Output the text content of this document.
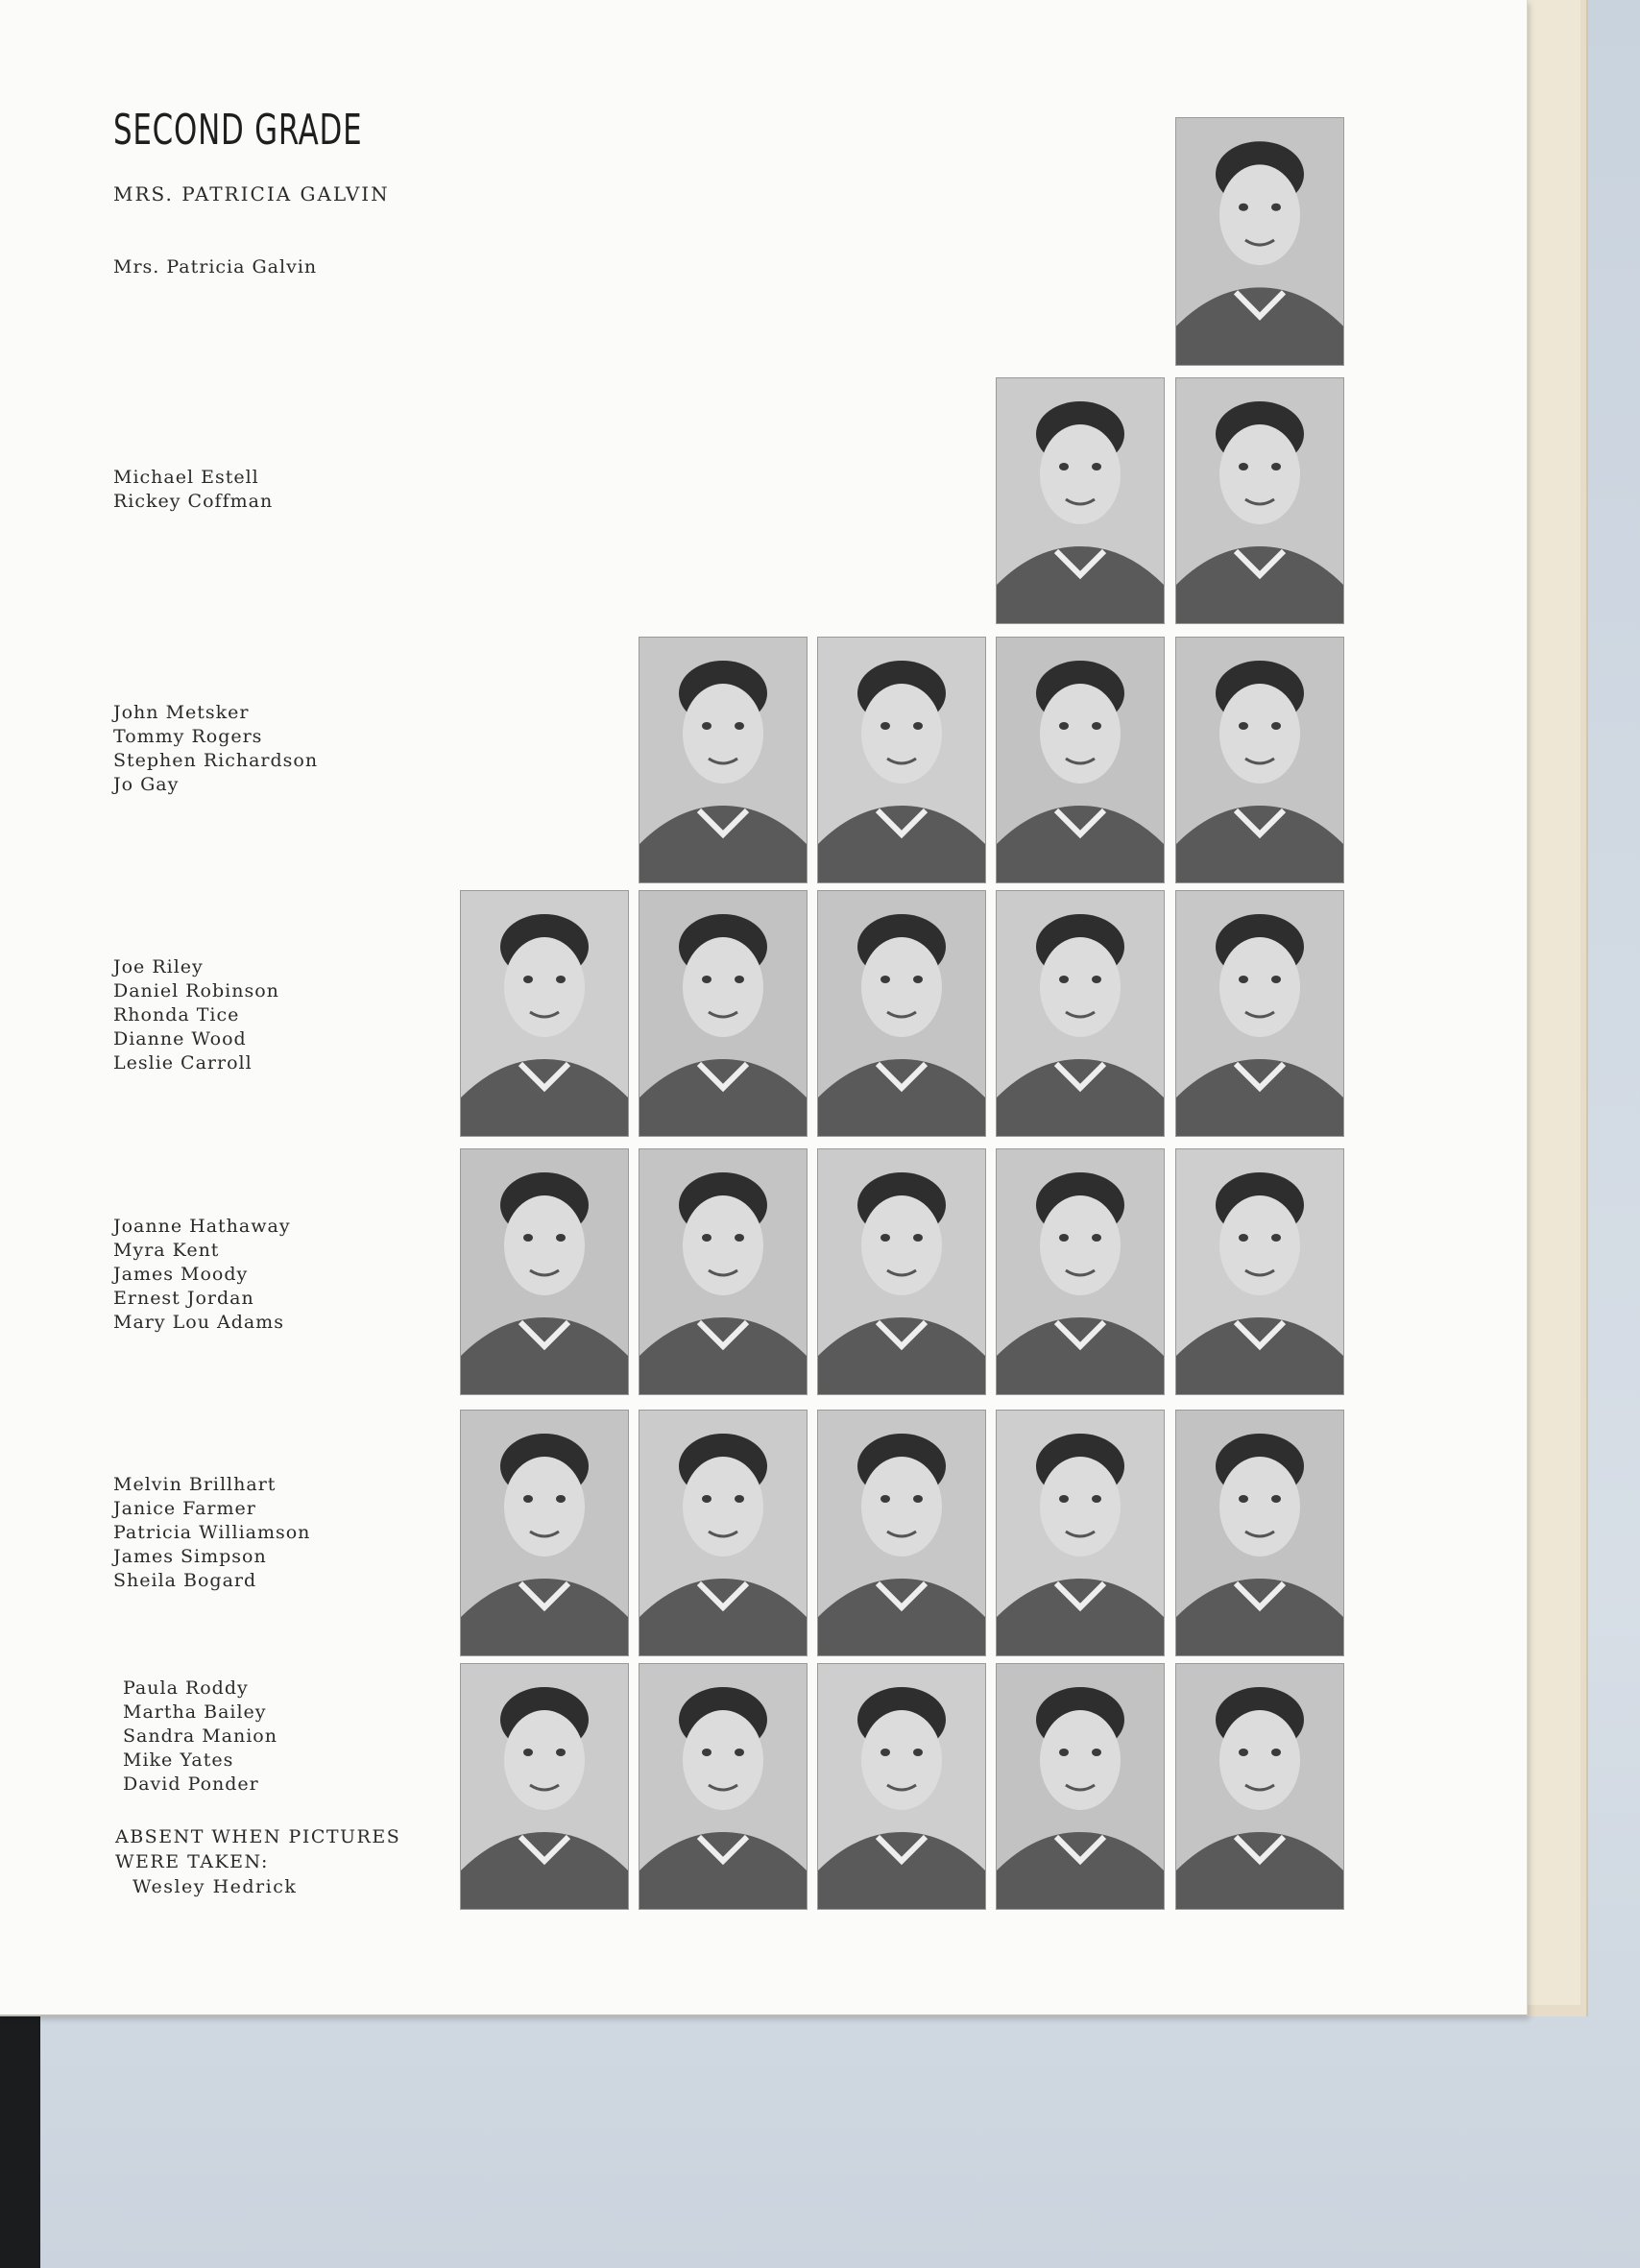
SECOND GRADE
MRS. PATRICIA GALVIN
Mrs. Patricia Galvin
Michael Estell
Rickey Coffman
John Metsker
Tommy Rogers
Stephen Richardson
Jo Gay
Joe Riley
Daniel Robinson
Rhonda Tice
Dianne Wood
Leslie Carroll
Joanne Hathaway
Myra Kent
James Moody
Ernest Jordan
Mary Lou Adams
Melvin Brillhart
Janice Farmer
Patricia Williamson
James Simpson
Sheila Bogard
Paula Roddy
Martha Bailey
Sandra Manion
Mike Yates
David Ponder
ABSENT WHEN PICTURES
WERE TAKEN:
Wesley Hedrick
